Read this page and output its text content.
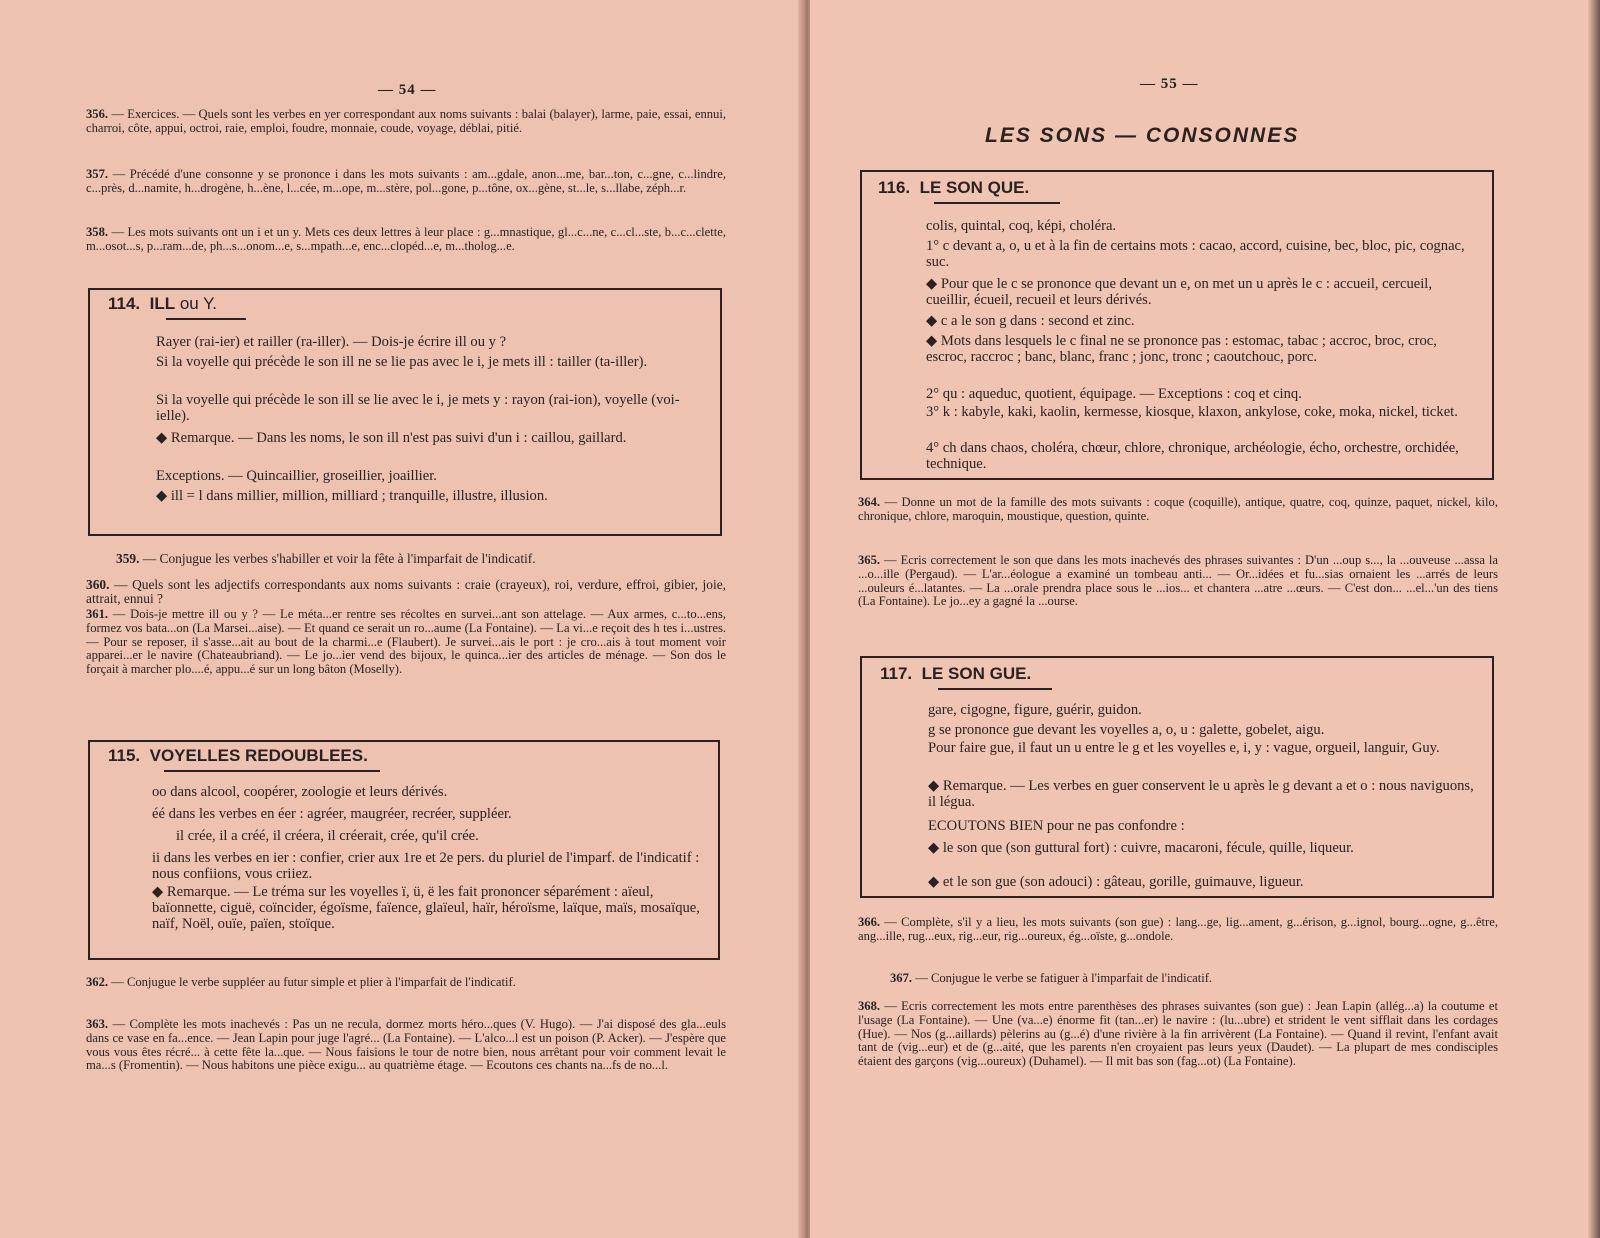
— 54 —

356. — Exercices. — Quels sont les verbes en yer correspondant aux noms suivants : balai (balayer), larme, paie, essai, ennui, charroi, côte, appui, octroi, raie, emploi, foudre, monnaie, coude, voyage, déblai, pitié.

357. — Précédé d'une consonne y se prononce i dans les mots suivants : am...gdale, anon...me, bar...ton, c...gne, c...lindre, c...près, d...namite, h...drogène, h...ène, l...cée, m...ope, m...stère, pol...gone, p...tône, ox...gène, st...le, s...llabe, zéph...r.

358. — Les mots suivants ont un i et un y. Mets ces deux lettres à leur place : g...mnastique, gl...c...ne, c...cl...ste, b...c...clette, m...osot...s, p...ram...de, ph...s...onom...e, s...mpath...e, enc...clopéd...e, m...tholog...e.

114. ILL ou Y.

Rayer (rai-ier) et railler (ra-iller). — Dois-je écrire ill ou y ?

Si la voyelle qui précède le son ill ne se lie pas avec le i, je mets ill : tailler (ta-iller).

Si la voyelle qui précède le son ill se lie avec le i, je mets y : rayon (rai-ion), voyelle (voi-ielle).

◆ Remarque. — Dans les noms, le son ill n'est pas suivi d'un i : caillou, gaillard.

Exceptions. — Quincaillier, groseillier, joaillier.

◆ ill = l dans millier, million, milliard ; tranquille, illustre, illusion.

359. — Conjugue les verbes s'habiller et voir la fête à l'imparfait de l'indicatif.

360. — Quels sont les adjectifs correspondants aux noms suivants : craie (crayeux), roi, verdure, effroi, gibier, joie, attrait, ennui ?

361. — Dois-je mettre ill ou y ? — Le méta...er rentre ses récoltes en survei...ant son attelage. — Aux armes, c...to...ens, formez vos bata...on (La Marsei...aise). — Et quand ce serait un ro...aume (La Fontaine). — La vi...e reçoit des h tes i...ustres. — Pour se reposer, il s'asse...ait au bout de la charmi...e (Flaubert). Je survei...ais le port : je cro...ais à tout moment voir apparei...er le navire (Chateaubriand). — Le jo...ier vend des bijoux, le quinca...ier des articles de ménage. — Son dos le forçait à marcher plo....é, appu...é sur un long bâton (Moselly).

115. VOYELLES REDOUBLEES.

oo dans alcool, coopérer, zoologie et leurs dérivés.

éé dans les verbes en éer : agréer, maugréer, recréer, suppléer.

il crée, il a créé, il créera, il créerait, crée, qu'il crée.

ii dans les verbes en ier : confier, crier aux 1re et 2e pers. du pluriel de l'imparf. de l'indicatif : nous confiions, vous criiez.

◆ Remarque. — Le tréma sur les voyelles ï, ü, ë les fait prononcer séparément : aïeul, baïonnette, ciguë, coïncider, égoïsme, faïence, glaïeul, haïr, héroïsme, laïque, maïs, mosaïque, naïf, Noël, ouïe, païen, stoïque.

362. — Conjugue le verbe suppléer au futur simple et plier à l'imparfait de l'indicatif.

363. — Complète les mots inachevés : Pas un ne recula, dormez morts héro...ques (V. Hugo). — J'ai disposé des gla...euls dans ce vase en fa...ence. — Jean Lapin pour juge l'agré... (La Fontaine). — L'alco...l est un poison (P. Acker). — J'espère que vous vous êtes récré... à cette fête la...que. — Nous faisions le tour de notre bien, nous arrêtant pour voir comment levait le ma...s (Fromentin). — Nous habitons une pièce exigu... au quatrième étage. — Ecoutons ces chants na...fs de no...l.

— 55 —
LES SONS — CONSONNES
116. LE SON QUE.

colis, quintal, coq, képi, choléra.

1° c devant a, o, u et à la fin de certains mots : cacao, accord, cuisine, bec, bloc, pic, cognac, suc.

◆ Pour que le c se prononce que devant un e, on met un u après le c : accueil, cercueil, cueillir, écueil, recueil et leurs dérivés.

◆ c a le son g dans : second et zinc.

◆ Mots dans lesquels le c final ne se prononce pas : estomac, tabac ; accroc, broc, croc, escroc, raccroc ; banc, blanc, franc ; jonc, tronc ; caoutchouc, porc.

2° qu : aqueduc, quotient, équipage. — Exceptions : coq et cinq.

3° k : kabyle, kaki, kaolin, kermesse, kiosque, klaxon, ankylose, coke, moka, nickel, ticket.

4° ch dans chaos, choléra, chœur, chlore, chronique, archéologie, écho, orchestre, orchidée, technique.

364. — Donne un mot de la famille des mots suivants : coque (coquille), antique, quatre, coq, quinze, paquet, nickel, kilo, chronique, chlore, maroquin, moustique, question, quinte.

365. — Ecris correctement le son que dans les mots inachevés des phrases suivantes : D'un ...oup s..., la ...ouveuse ...assa la ...o...ille (Pergaud). — L'ar...éologue a examiné un tombeau anti... — Or...idées et fu...sias ornaient les ...arrés de leurs ...ouleurs é...latantes. — La ...orale prendra place sous le ...ios... et chantera ...atre ...œurs. — C'est don... ...el...'un des tiens (La Fontaine). Le jo...ey a gagné la ...ourse.

117. LE SON GUE.

gare, cigogne, figure, guérir, guidon.

g se prononce gue devant les voyelles a, o, u : galette, gobelet, aigu.

Pour faire gue, il faut un u entre le g et les voyelles e, i, y : vague, orgueil, languir, Guy.

◆ Remarque. — Les verbes en guer conservent le u après le g devant a et o : nous naviguons, il légua.

ECOUTONS BIEN pour ne pas confondre :

◆ le son que (son guttural fort) : cuivre, macaroni, fécule, quille, liqueur.

◆ et le son gue (son adouci) : gâteau, gorille, guimauve, ligueur.

366. — Complète, s'il y a lieu, les mots suivants (son gue) : lang...ge, lig...ament, g...érison, g...ignol, bourg...ogne, g...être, ang...ille, rug...eux, rig...eur, rig...oureux, ég...oïste, g...ondole.

367. — Conjugue le verbe se fatiguer à l'imparfait de l'indicatif.

368. — Ecris correctement les mots entre parenthèses des phrases suivantes (son gue) : Jean Lapin (allég...a) la coutume et l'usage (La Fontaine). — Une (va...e) énorme fit (tan...er) le navire : (lu...ubre) et strident le vent sifflait dans les cordages (Hue). — Nos (g...aillards) pèlerins au (g...é) d'une rivière à la fin arrivèrent (La Fontaine). — Quand il revint, l'enfant avait tant de (vig...eur) et de (g...aité, que les parents n'en croyaient pas leurs yeux (Daudet). — La plupart de mes condisciples étaient des garçons (vig...oureux) (Duhamel). — Il mit bas son (fag...ot) (La Fontaine).
